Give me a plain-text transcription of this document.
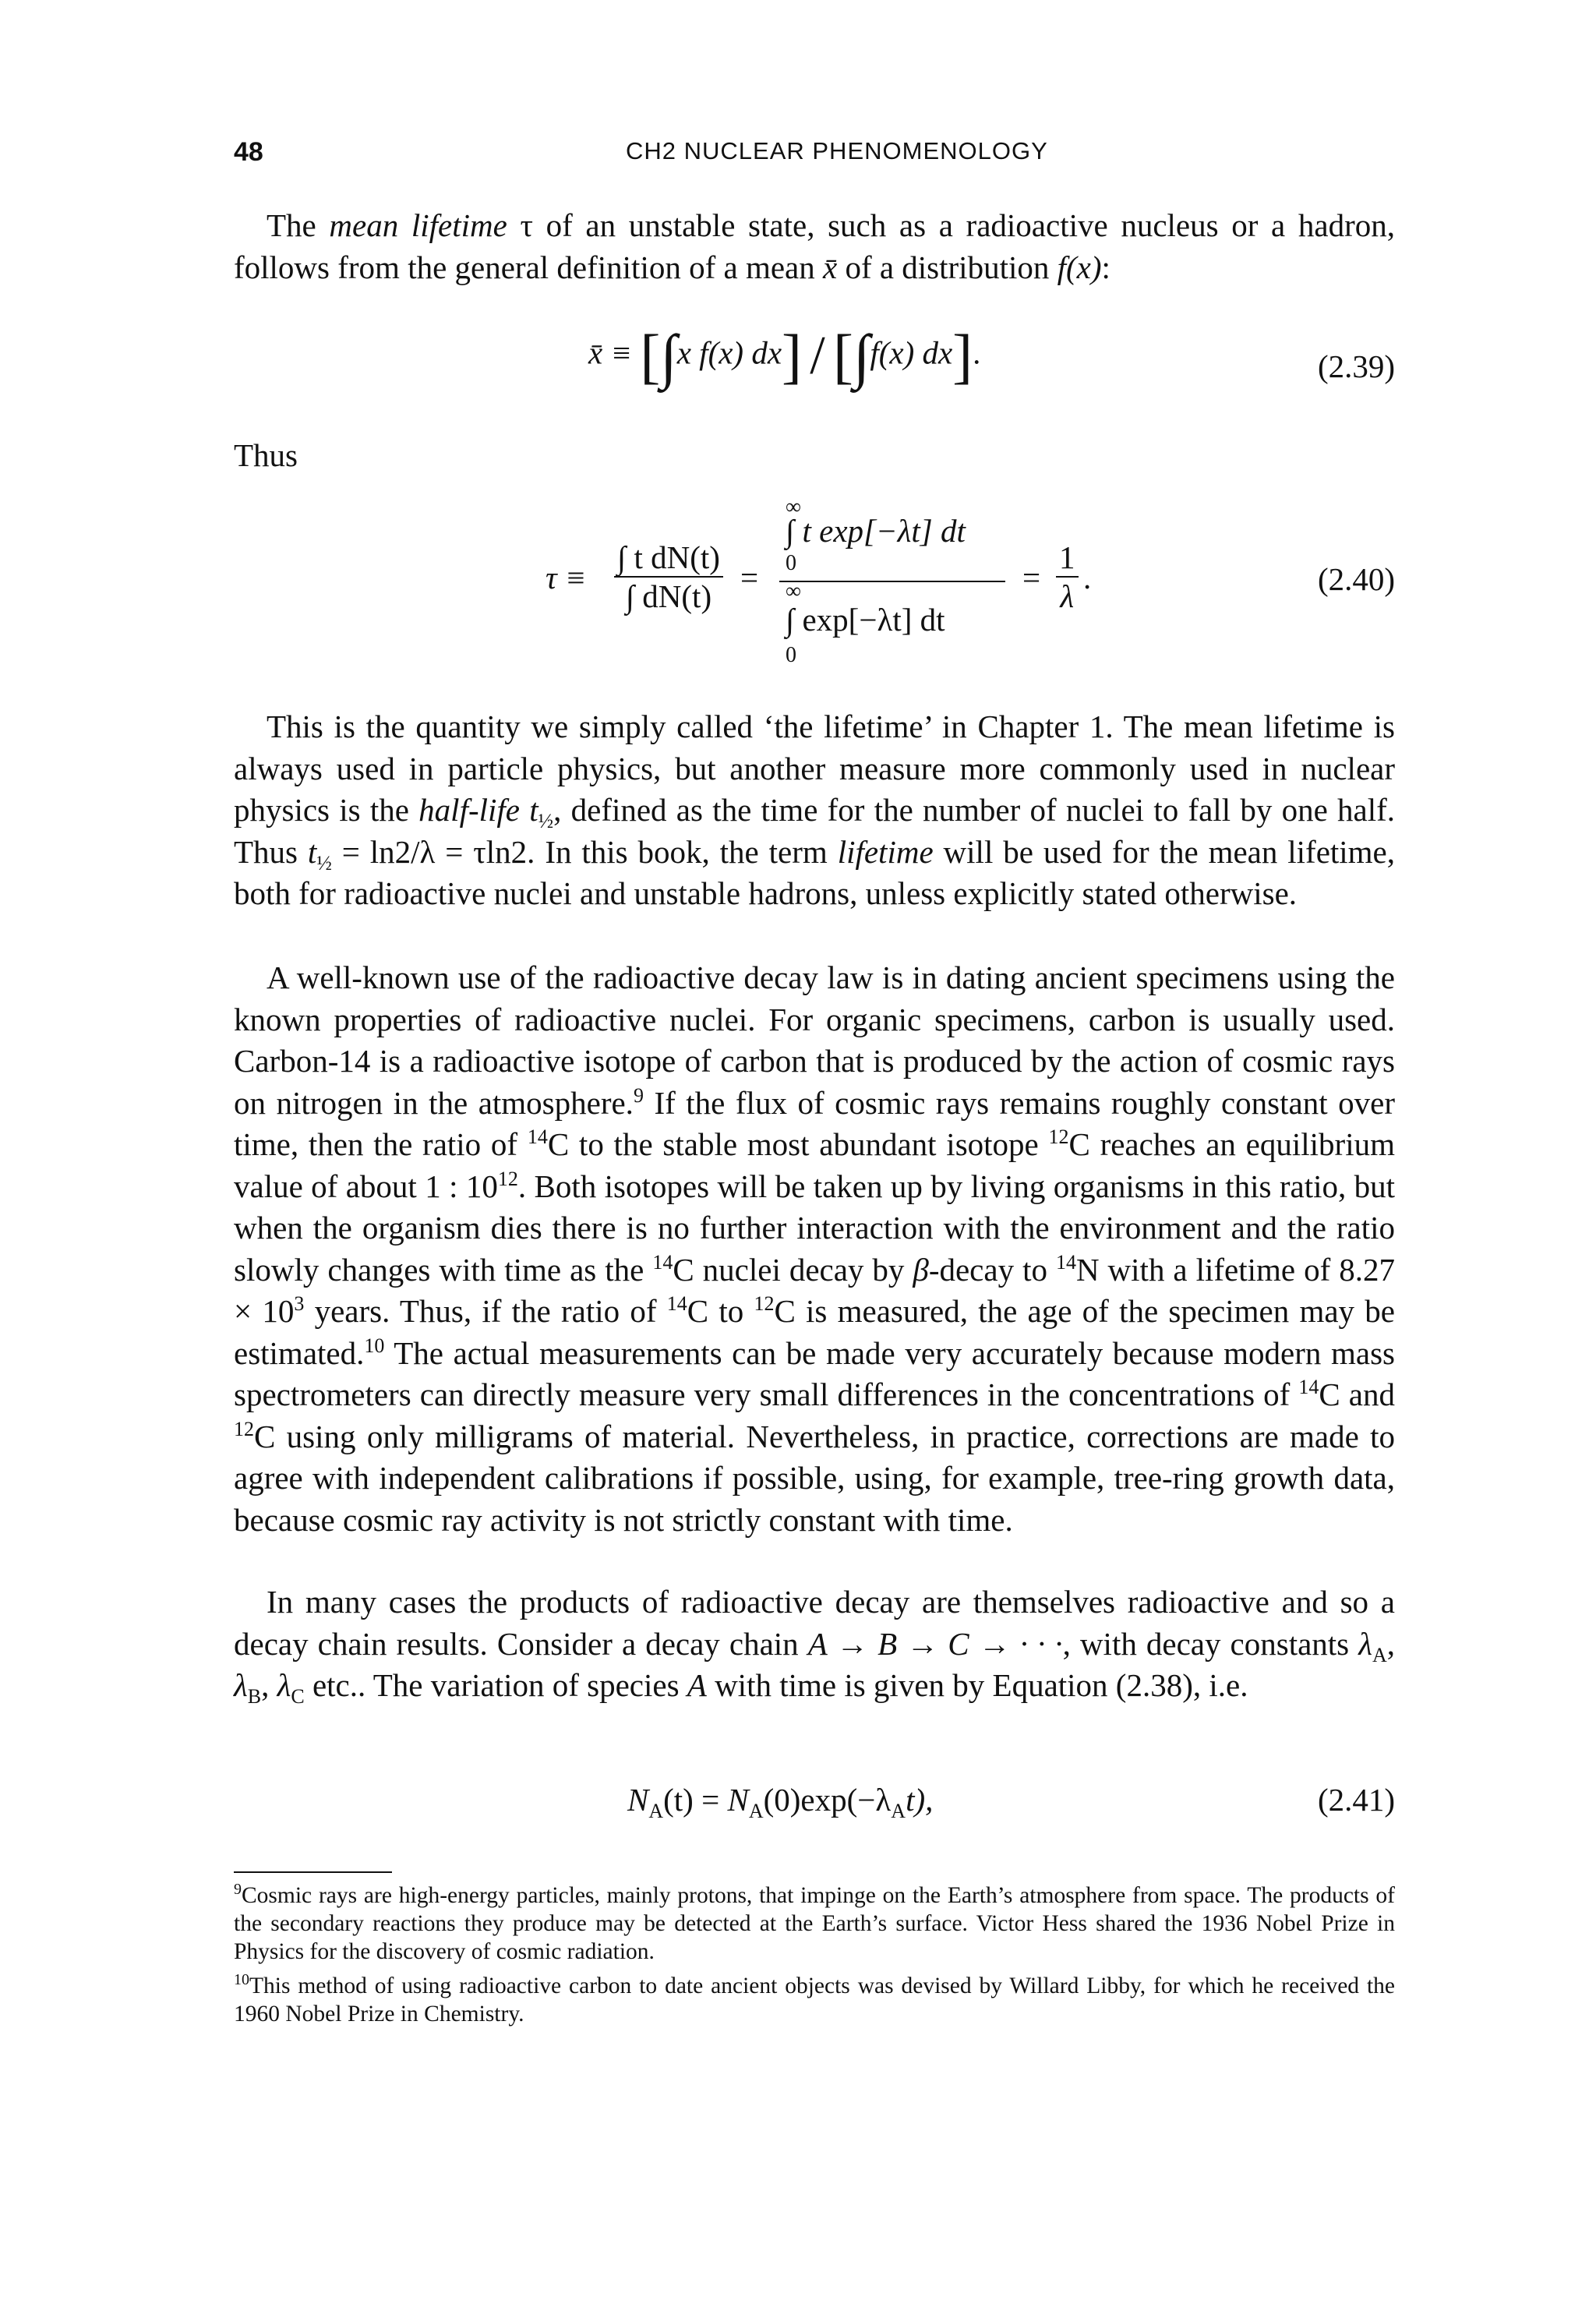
48	CH2 NUCLEAR PHENOMENOLOGY
The mean lifetime τ of an unstable state, such as a radioactive nucleus or a hadron, follows from the general definition of a mean x̄ of a distribution f(x):
x̄ ≡ [∫x f(x) dx] / [∫f(x) dx].	(2.39)
Thus
$\tau \equiv \frac{\text{∫ t dN(t)}}{\int dN(t)}$ =
∞
∫ t exp[−λt] dt
0
∞
∫ exp[−λt] dt
0
= $\frac{1}{\lambda}$ .	(2.40)
This is the quantity we simply called ‘the lifetime’ in Chapter 1. The mean lifetime is always used in particle physics, but another measure more commonly used in nuclear physics is the half-life $t_{\frac{1}{2}}$, defined as the time for the number of nuclei to fall by one half. Thus $t_{\frac{1}{2}} = \ln 2/\lambda = \tau\ln 2$. In this book, the term lifetime will be used for the mean lifetime, both for radioactive nuclei and unstable hadrons, unless explicitly stated otherwise.
A well-known use of the radioactive decay law is in dating ancient specimens using the known properties of radioactive nuclei. For organic specimens, carbon is usually used. Carbon-14 is a radioactive isotope of carbon that is produced by the action of cosmic rays on nitrogen in the atmosphere.$^9$ If the flux of cosmic rays remains roughly constant over time, then the ratio of $^{14}$C to the stable most abundant isotope $^{12}$C reaches an equilibrium value of about 1 : $10^{12}$. Both isotopes will be taken up by living organisms in this ratio, but when the organism dies there is no further interaction with the environment and the ratio slowly changes with time as the $^{14}$C nuclei decay by β-decay to $^{14}$N with a lifetime of $8.27 \times 10^3$ years. Thus, if the ratio of $^{14}$C to $^{12}$C is measured, the age of the specimen may be estimated.$^{10}$ The actual measurements can be made very accurately because modern mass spectrometers can directly measure very small differences in the concentrations of $^{14}$C and $^{12}$C using only milligrams of material. Nevertheless, in practice, corrections are made to agree with independent calibrations if possible, using, for example, tree-ring growth data, because cosmic ray activity is not strictly constant with time.
In many cases the products of radioactive decay are themselves radioactive and so a decay chain results. Consider a decay chain A → B → C → · · ·, with decay constants $\lambda_A$, $\lambda_B$, $\lambda_C$ etc.. The variation of species A with time is given by Equation (2.38), i.e.
$N_A(t) = N_A(0)\exp(-\lambda_At)$,	(2.41)
$^9$Cosmic rays are high-energy particles, mainly protons, that impinge on the Earth’s atmosphere from space. The products of the secondary reactions they produce may be detected at the Earth’s surface. Victor Hess shared the 1936 Nobel Prize in Physics for the discovery of cosmic radiation.
$^{10}$This method of using radioactive carbon to date ancient objects was devised by Willard Libby, for which he received the 1960 Nobel Prize in Chemistry.
